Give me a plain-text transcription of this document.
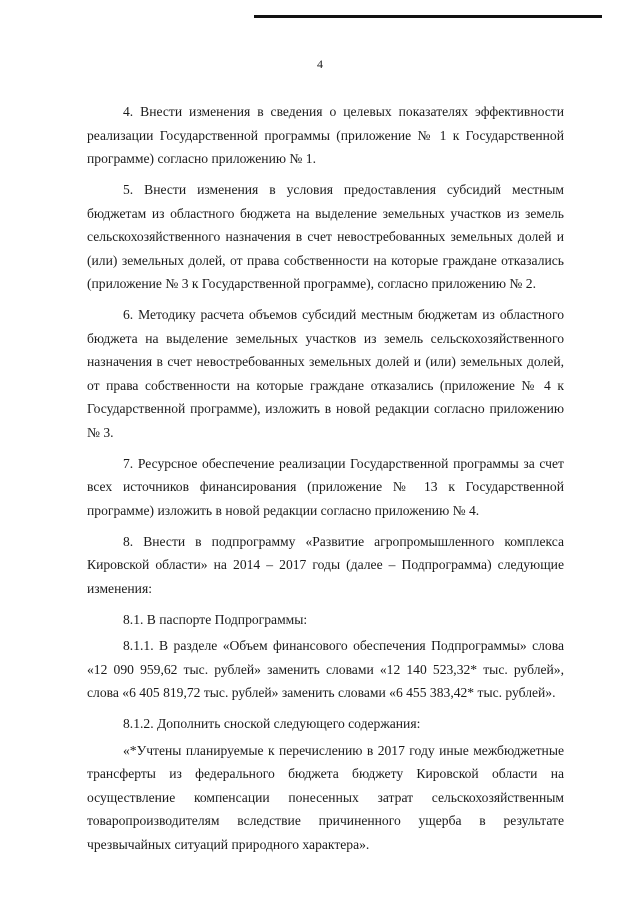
4

4. Внести изменения в сведения о целевых показателях эффективности реализации Государственной программы (приложение № 1 к Государственной программе) согласно приложению № 1.

5. Внести изменения в условия предоставления субсидий местным бюджетам из областного бюджета на выделение земельных участков из земель сельскохозяйственного назначения в счет невостребованных земельных долей и (или) земельных долей, от права собственности на которые граждане отказались (приложение № 3 к Государственной программе), согласно приложению № 2.

6. Методику расчета объемов субсидий местным бюджетам из областного бюджета на выделение земельных участков из земель сельскохозяйственного назначения в счет невостребованных земельных долей и (или) земельных долей, от права собственности на которые граждане отказались (приложение № 4 к Государственной программе), изложить в новой редакции согласно приложению № 3.

7. Ресурсное обеспечение реализации Государственной программы за счет всех источников финансирования (приложение № 13 к Государственной программе) изложить в новой редакции согласно приложению № 4.

8. Внести в подпрограмму «Развитие агропромышленного комплекса Кировской области» на 2014 – 2017 годы (далее – Подпрограмма) следующие изменения:

8.1. В паспорте Подпрограммы:

8.1.1. В разделе «Объем финансового обеспечения Подпрограммы» слова «12 090 959,62 тыс. рублей» заменить словами «12 140 523,32* тыс. рублей», слова «6 405 819,72 тыс. рублей» заменить словами «6 455 383,42* тыс. рублей».

8.1.2. Дополнить сноской следующего содержания:

«*Учтены планируемые к перечислению в 2017 году иные межбюджетные трансферты из федерального бюджета бюджету Кировской области на осуществление компенсации понесенных затрат сельскохозяйственным товаропроизводителям вследствие причиненного ущерба в результате чрезвычайных ситуаций природного характера».
